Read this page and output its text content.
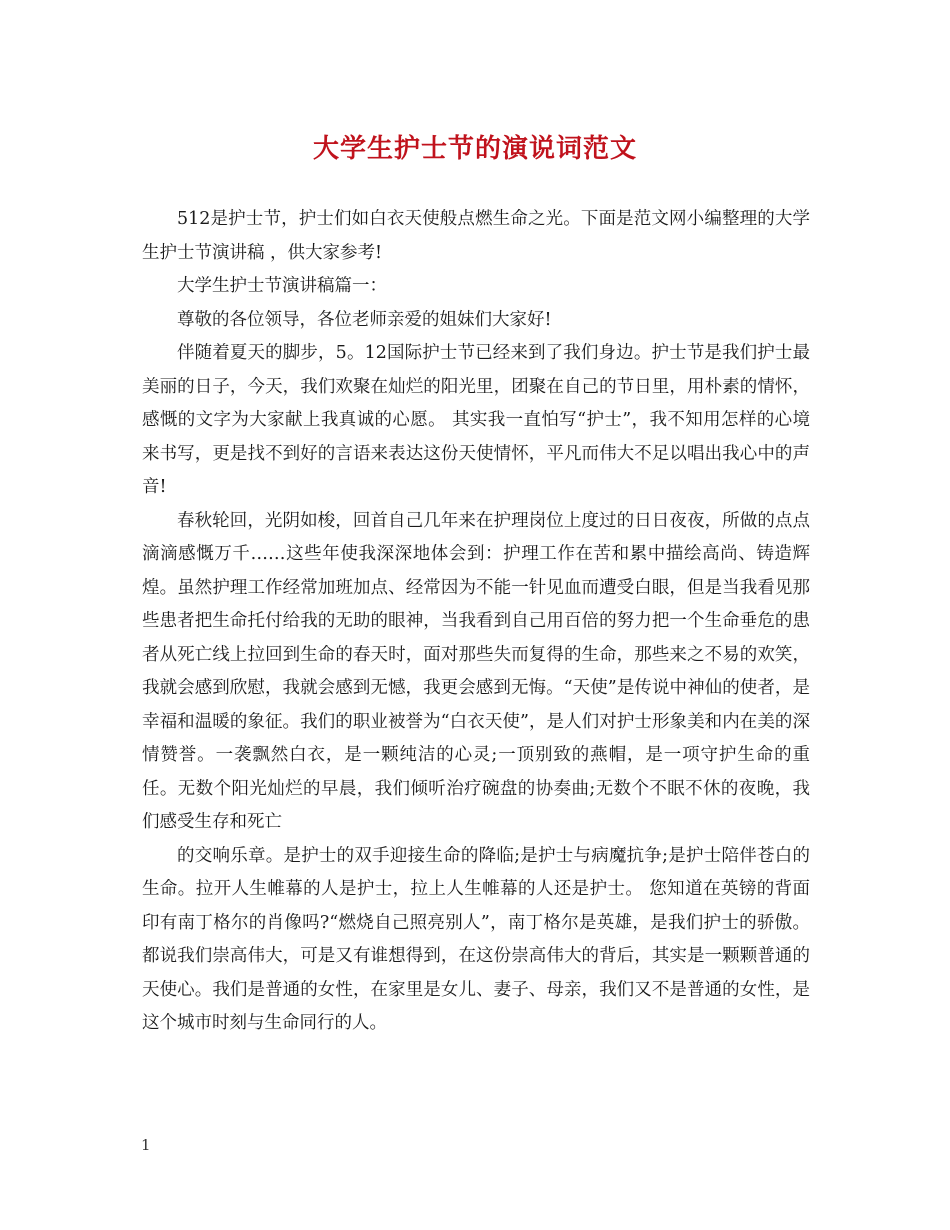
大学生护士节的演说词范文

512是护士节，护士们如白衣天使般点燃生命之光。下面是范文网小编整理的大学生护士节演讲稿 ，供大家参考!

大学生护士节演讲稿篇一：

尊敬的各位领导，各位老师亲爱的姐妹们大家好!

伴随着夏天的脚步，5。12国际护士节已经来到了我们身边。护士节是我们护士最美丽的日子，今天，我们欢聚在灿烂的阳光里，团聚在自己的节日里，用朴素的情怀，感慨的文字为大家献上我真诚的心愿。 其实我一直怕写“护士”，我不知用怎样的心境来书写，更是找不到好的言语来表达这份天使情怀，平凡而伟大不足以唱出我心中的声音!

春秋轮回，光阴如梭，回首自己几年来在护理岗位上度过的日日夜夜，所做的点点滴滴感慨万千……这些年使我深深地体会到：护理工作在苦和累中描绘高尚、铸造辉煌。虽然护理工作经常加班加点、经常因为不能一针见血而遭受白眼，但是当我看见那些患者把生命托付给我的无助的眼神，当我看到自己用百倍的努力把一个生命垂危的患者从死亡线上拉回到生命的春天时，面对那些失而复得的生命，那些来之不易的欢笑，我就会感到欣慰，我就会感到无憾，我更会感到无悔。“天使”是传说中神仙的使者，是幸福和温暖的象征。我们的职业被誉为“白衣天使”，是人们对护士形象美和内在美的深情赞誉。一袭飘然白衣，是一颗纯洁的心灵;一顶别致的燕帽，是一项守护生命的重任。无数个阳光灿烂的早晨，我们倾听治疗碗盘的协奏曲;无数个不眠不休的夜晚，我们感受生存和死亡

的交响乐章。是护士的双手迎接生命的降临;是护士与病魔抗争;是护士陪伴苍白的生命。拉开人生帷幕的人是护士，拉上人生帷幕的人还是护士。 您知道在英镑的背面印有南丁格尔的肖像吗?“燃烧自己照亮别人”，南丁格尔是英雄，是我们护士的骄傲。都说我们崇高伟大，可是又有谁想得到，在这份崇高伟大的背后，其实是一颗颗普通的天使心。我们是普通的女性，在家里是女儿、妻子、母亲，我们又不是普通的女性，是这个城市时刻与生命同行的人。

1
